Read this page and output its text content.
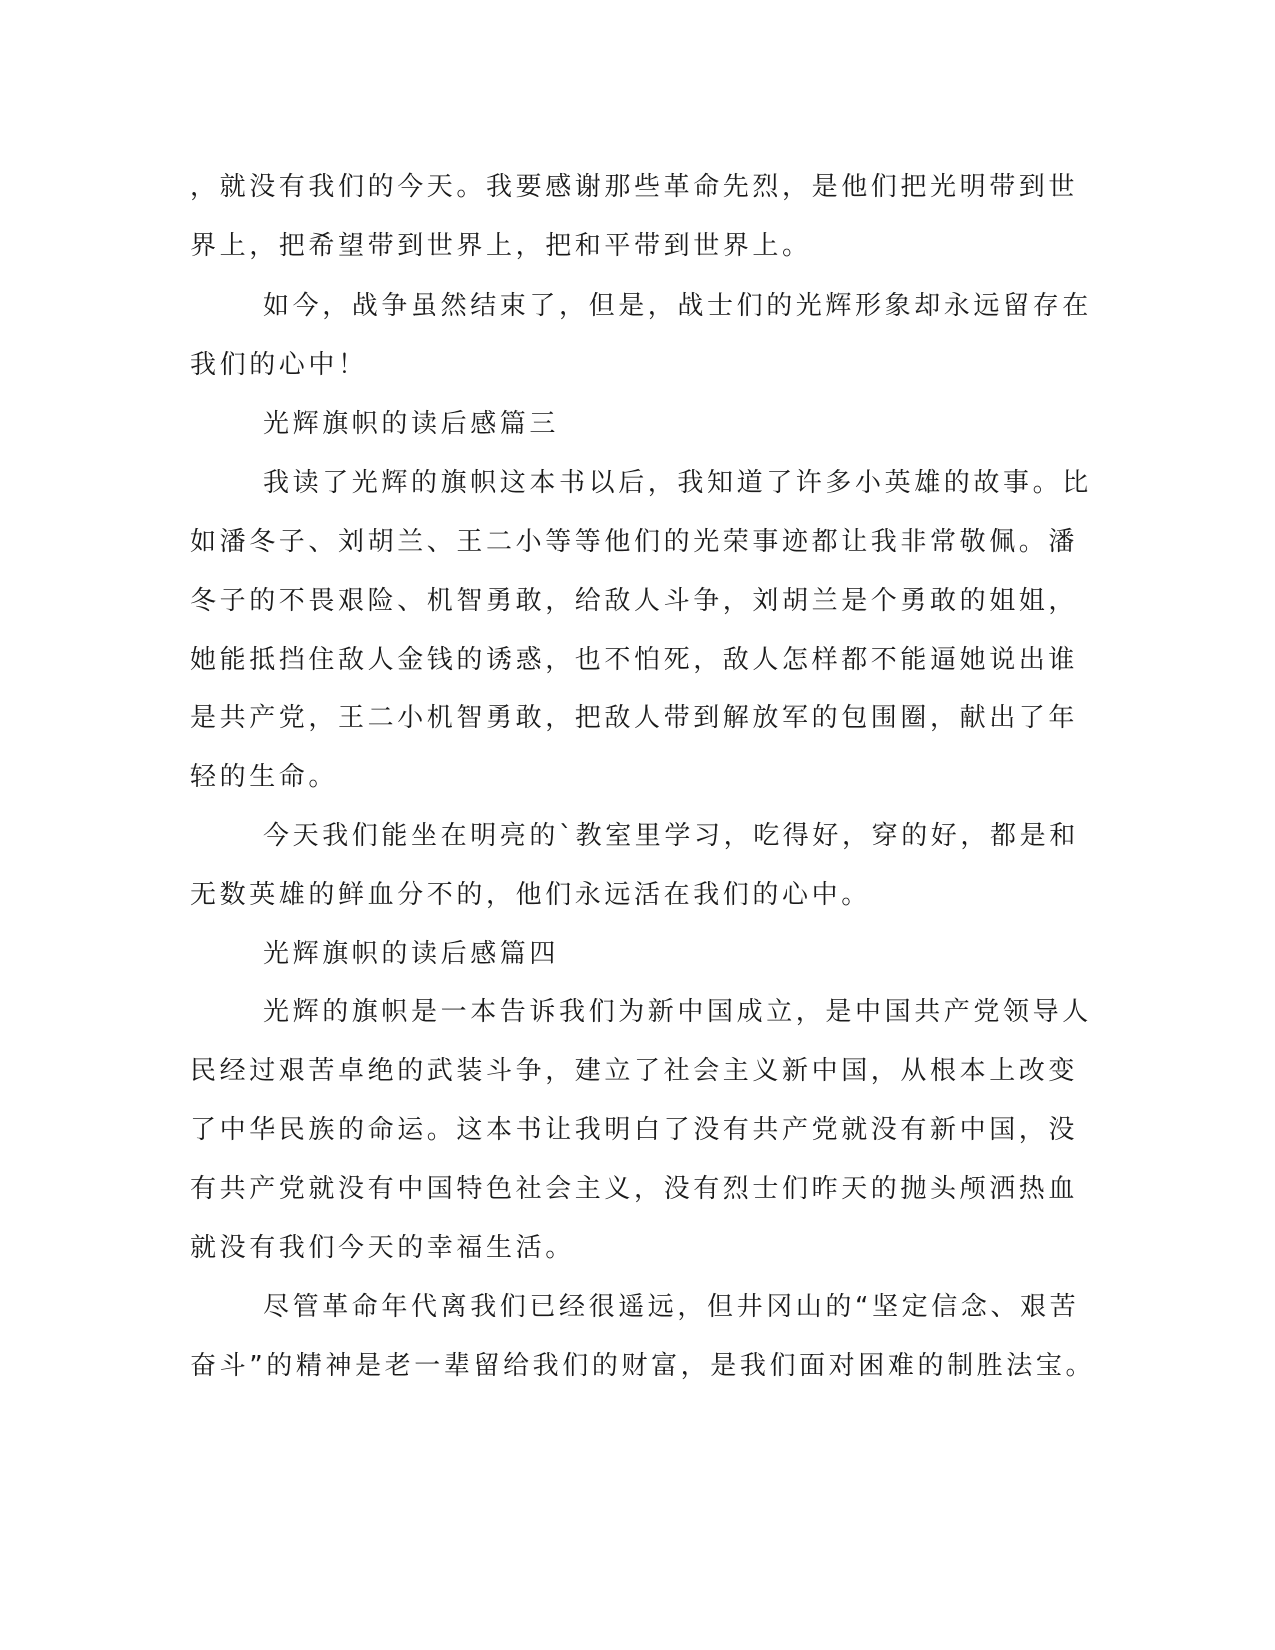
，就没有我们的今天。我要感谢那些革命先烈，是他们把光明带到世
界上，把希望带到世界上，把和平带到世界上。
如今，战争虽然结束了，但是，战士们的光辉形象却永远留存在
我们的心中！
光辉旗帜的读后感篇三
我读了光辉的旗帜这本书以后，我知道了许多小英雄的故事。比
如潘冬子、刘胡兰、王二小等等他们的光荣事迹都让我非常敬佩。潘
冬子的不畏艰险、机智勇敢，给敌人斗争，刘胡兰是个勇敢的姐姐，
她能抵挡住敌人金钱的诱惑，也不怕死，敌人怎样都不能逼她说出谁
是共产党，王二小机智勇敢，把敌人带到解放军的包围圈，献出了年
轻的生命。
今天我们能坐在明亮的`教室里学习，吃得好，穿的好，都是和
无数英雄的鲜血分不的，他们永远活在我们的心中。
光辉旗帜的读后感篇四
光辉的旗帜是一本告诉我们为新中国成立，是中国共产党领导人
民经过艰苦卓绝的武装斗争，建立了社会主义新中国，从根本上改变
了中华民族的命运。这本书让我明白了没有共产党就没有新中国，没
有共产党就没有中国特色社会主义，没有烈士们昨天的抛头颅洒热血
就没有我们今天的幸福生活。
尽管革命年代离我们已经很遥远，但井冈山的“坚定信念、艰苦
奋斗”的精神是老一辈留给我们的财富，是我们面对困难的制胜法宝。
